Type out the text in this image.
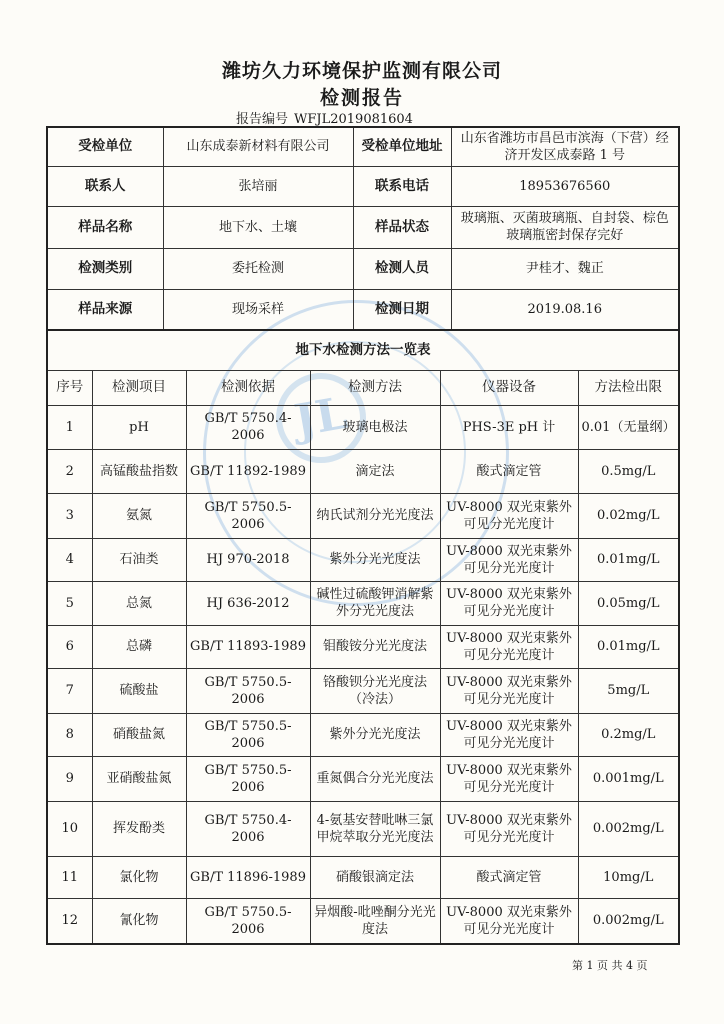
JL
潍坊久力环境保护监测有限公司
检测报告
报告编号 WFJL2019081604
受检单位	山东成泰新材料有限公司	受检单位地址	山东省潍坊市昌邑市滨海（下营）经济开发区成泰路 1 号
联系人	张培丽	联系电话	18953676560
样品名称	地下水、土壤	样品状态	玻璃瓶、灭菌玻璃瓶、自封袋、棕色玻璃瓶密封保存完好
检测类别	委托检测	检测人员	尹桂才、魏正
样品来源	现场采样	检测日期	2019.08.16
地下水检测方法一览表					
序号	检测项目	检测依据	检测方法	仪器设备	方法检出限
1	pH	GB/T 5750.4-2006	玻璃电极法	PHS-3E pH 计	0.01（无量纲）
2	高锰酸盐指数	GB/T 11892-1989	滴定法	酸式滴定管	0.5mg/L
3	氨氮	GB/T 5750.5-2006	纳氏试剂分光光度法	UV-8000 双光束紫外可见分光光度计	0.02mg/L
4	石油类	HJ 970-2018	紫外分光光度法	UV-8000 双光束紫外可见分光光度计	0.01mg/L
5	总氮	HJ 636-2012	碱性过硫酸钾消解紫外分光光度法	UV-8000 双光束紫外可见分光光度计	0.05mg/L
6	总磷	GB/T 11893-1989	钼酸铵分光光度法	UV-8000 双光束紫外可见分光光度计	0.01mg/L
7	硫酸盐	GB/T 5750.5-2006	铬酸钡分光光度法（冷法）	UV-8000 双光束紫外可见分光光度计	5mg/L
8	硝酸盐氮	GB/T 5750.5-2006	紫外分光光度法	UV-8000 双光束紫外可见分光光度计	0.2mg/L
9	亚硝酸盐氮	GB/T 5750.5-2006	重氮偶合分光光度法	UV-8000 双光束紫外可见分光光度计	0.001mg/L
10	挥发酚类	GB/T 5750.4-2006	4-氨基安替吡啉三氯甲烷萃取分光光度法	UV-8000 双光束紫外可见分光光度计	0.002mg/L
11	氯化物	GB/T 11896-1989	硝酸银滴定法	酸式滴定管	10mg/L
12	氰化物	GB/T 5750.5-2006	异烟酸-吡唑酮分光光度法	UV-8000 双光束紫外可见分光光度计	0.002mg/L
第 1 页 共 4 页
